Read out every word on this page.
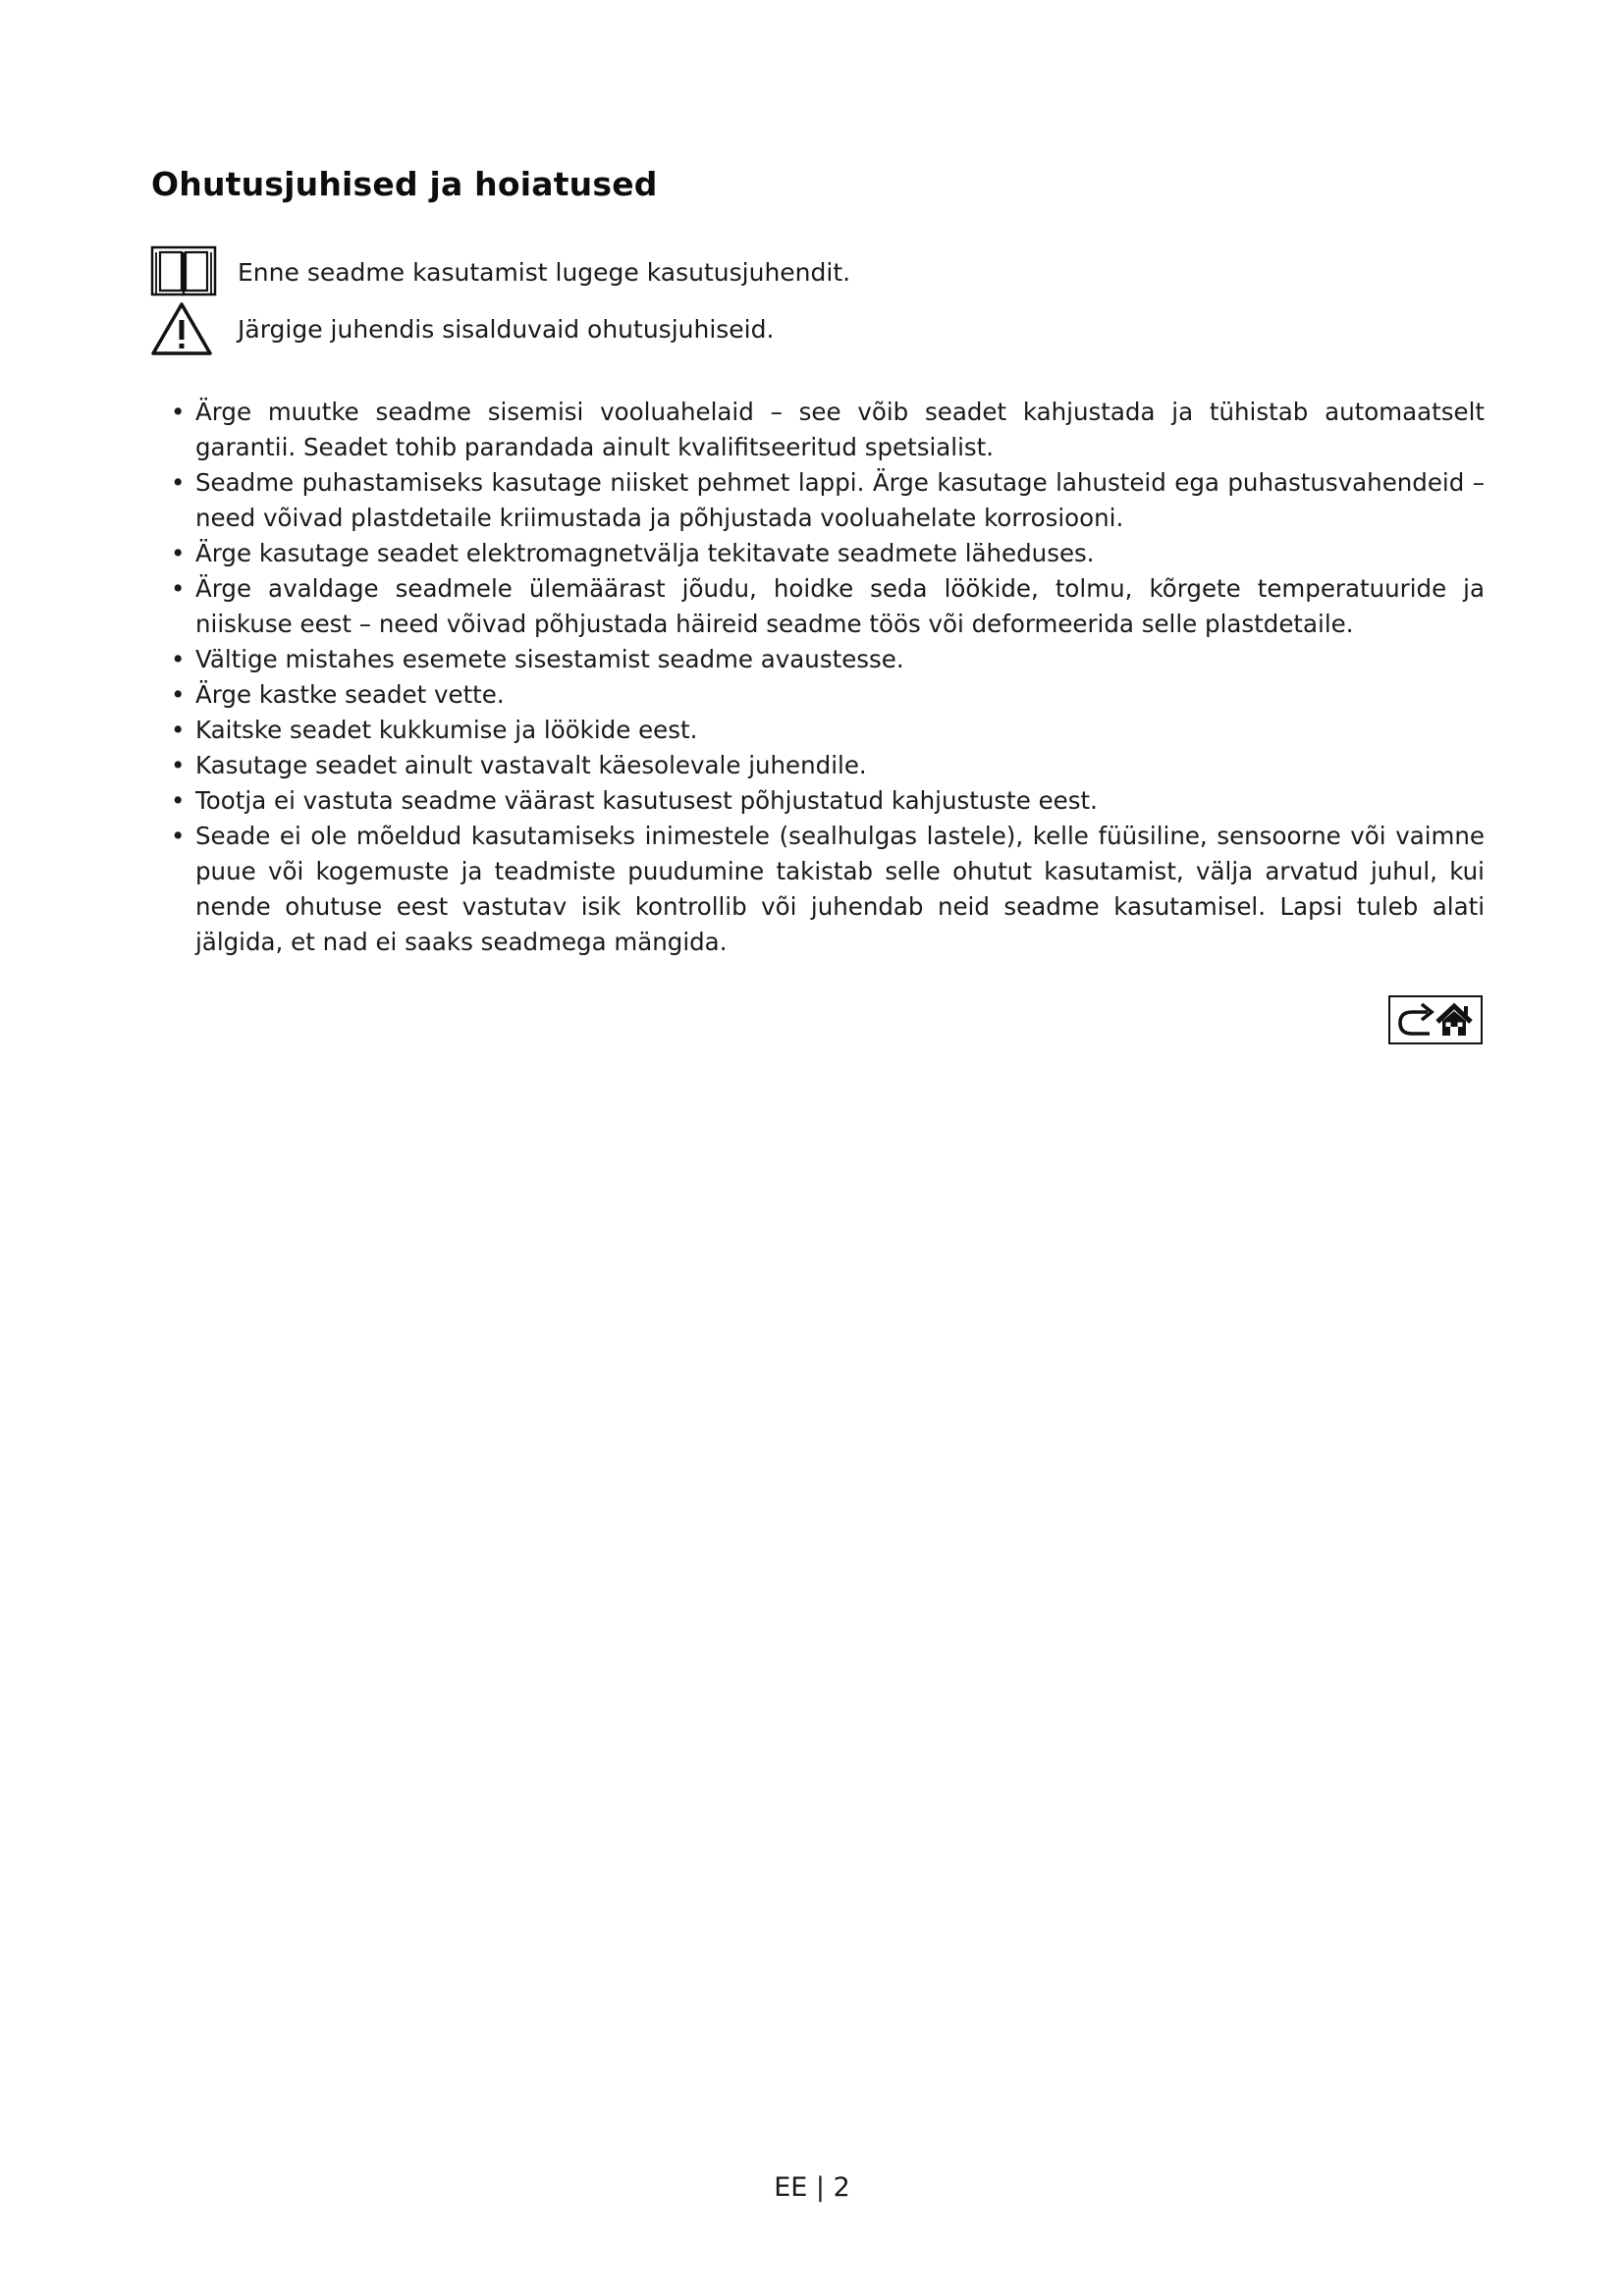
Ohutusjuhised ja hoiatused
Enne seadme kasutamist lugege kasutusjuhendit.
Järgige juhendis sisalduvaid ohutusjuhiseid.
• Ärge muutke seadme sisemisi vooluahelaid – see võib seadet kahjustada ja tühistab automaatselt garantii. Seadet tohib parandada ainult kvalifitseeritud spetsialist.
• Seadme puhastamiseks kasutage niisket pehmet lappi. Ärge kasutage lahusteid ega puhastusvahendeid – need võivad plastdetaile kriimustada ja põhjustada vooluahelate korrosiooni.
• Ärge kasutage seadet elektromagnetvälja tekitavate seadmete läheduses.
• Ärge avaldage seadmele ülemäärast jõudu, hoidke seda löökide, tolmu, kõrgete temperatuuride ja niiskuse eest – need võivad põhjustada häireid seadme töös või deformeerida selle plastdetaile.
• Vältige mistahes esemete sisestamist seadme avaustesse.
• Ärge kastke seadet vette.
• Kaitske seadet kukkumise ja löökide eest.
• Kasutage seadet ainult vastavalt käesolevale juhendile.
• Tootja ei vastuta seadme väärast kasutusest põhjustatud kahjustuste eest.
• Seade ei ole mõeldud kasutamiseks inimestele (sealhulgas lastele), kelle füüsiline, sensoorne või vaimne puue või kogemuste ja teadmiste puudumine takistab selle ohutut kasutamist, välja arvatud juhul, kui nende ohutuse eest vastutav isik kontrollib või juhendab neid seadme kasutamisel. Lapsi tuleb alati jälgida, et nad ei saaks seadmega mängida.

EE | 2
